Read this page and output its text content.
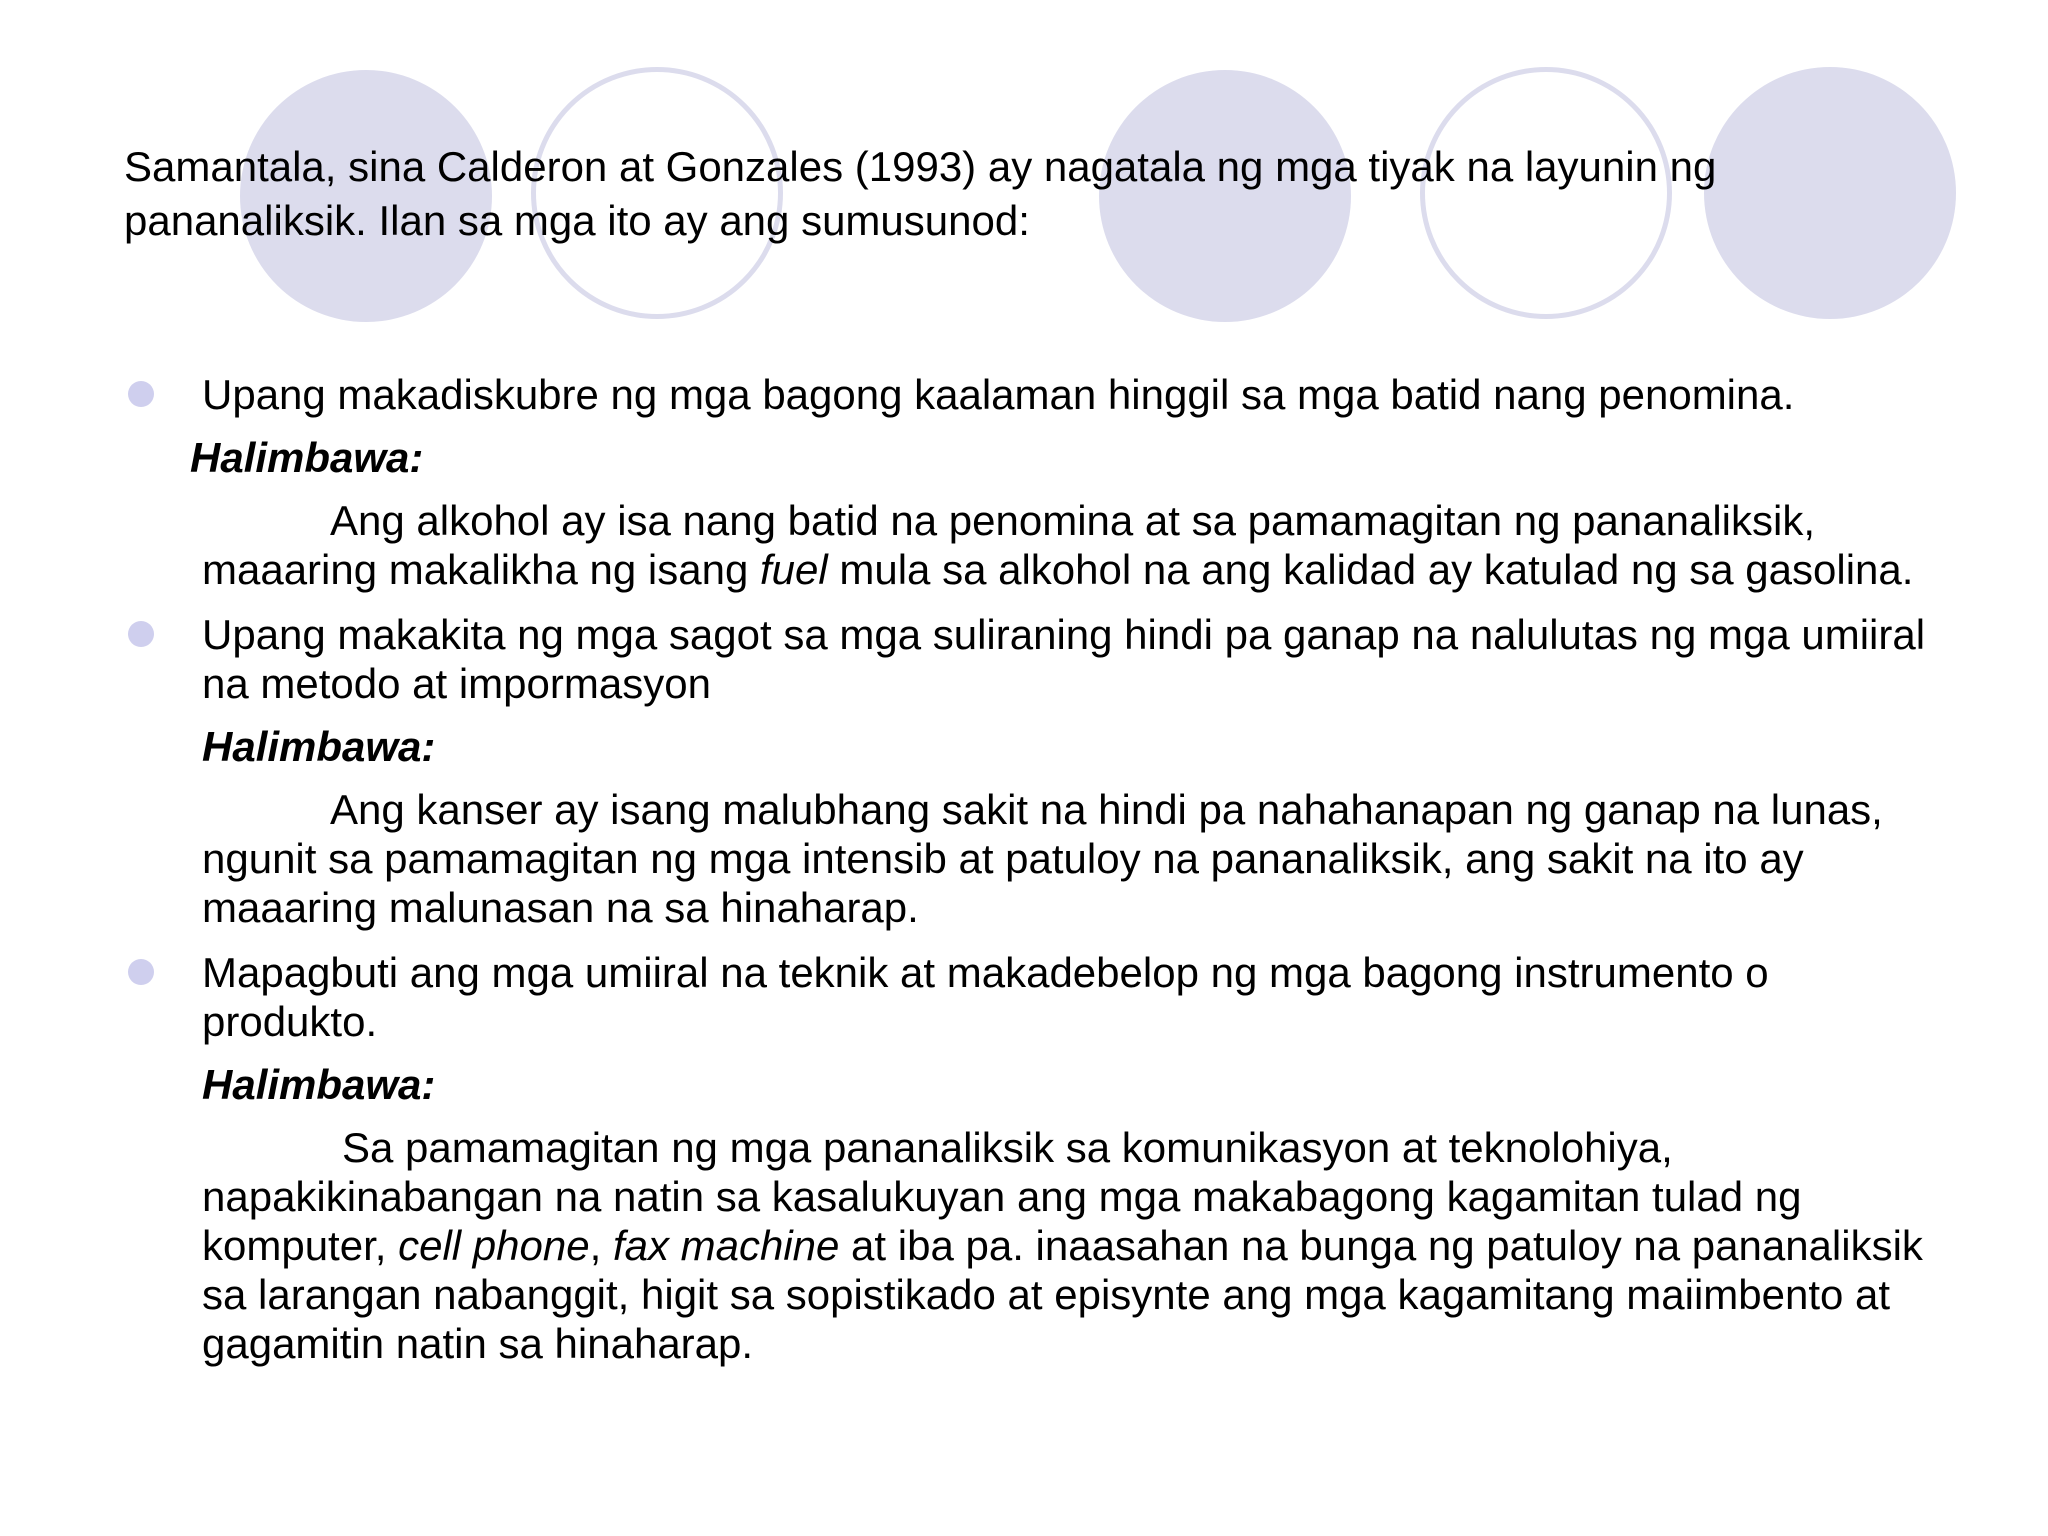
Samantala, sina Calderon at Gonzales (1993) ay nagatala ng mga tiyak na layunin ng pananaliksik. Ilan sa mga ito ay ang sumusunod:

Upang makadiskubre ng mga bagong kaalaman hinggil sa mga batid nang penomina.

Halimbawa:

Ang alkohol ay isa nang batid na penomina at sa pamamagitan ng pananaliksik, maaaring makalikha ng isang fuel mula sa alkohol na ang kalidad ay katulad ng sa gasolina.

Upang makakita ng mga sagot sa mga suliraning hindi pa ganap na nalulutas ng mga umiiral na metodo at impormasyon

Halimbawa:

Ang kanser ay isang malubhang sakit na hindi pa nahahanapan ng ganap na lunas, ngunit sa pamamagitan ng mga intensib at patuloy na pananaliksik, ang sakit na ito ay maaaring malunasan na sa hinaharap.

Mapagbuti ang mga umiiral na teknik at makadebelop ng mga bagong instrumento o produkto.

Halimbawa:

Sa pamamagitan ng mga pananaliksik sa komunikasyon at teknolohiya, napakikinabangan na natin sa kasalukuyan ang mga makabagong kagamitan tulad ng komputer, cell phone, fax machine at iba pa. inaasahan na bunga ng patuloy na pananaliksik sa larangan nabanggit, higit sa sopistikado at episynte ang mga kagamitang maiimbento at gagamitin natin sa hinaharap.
